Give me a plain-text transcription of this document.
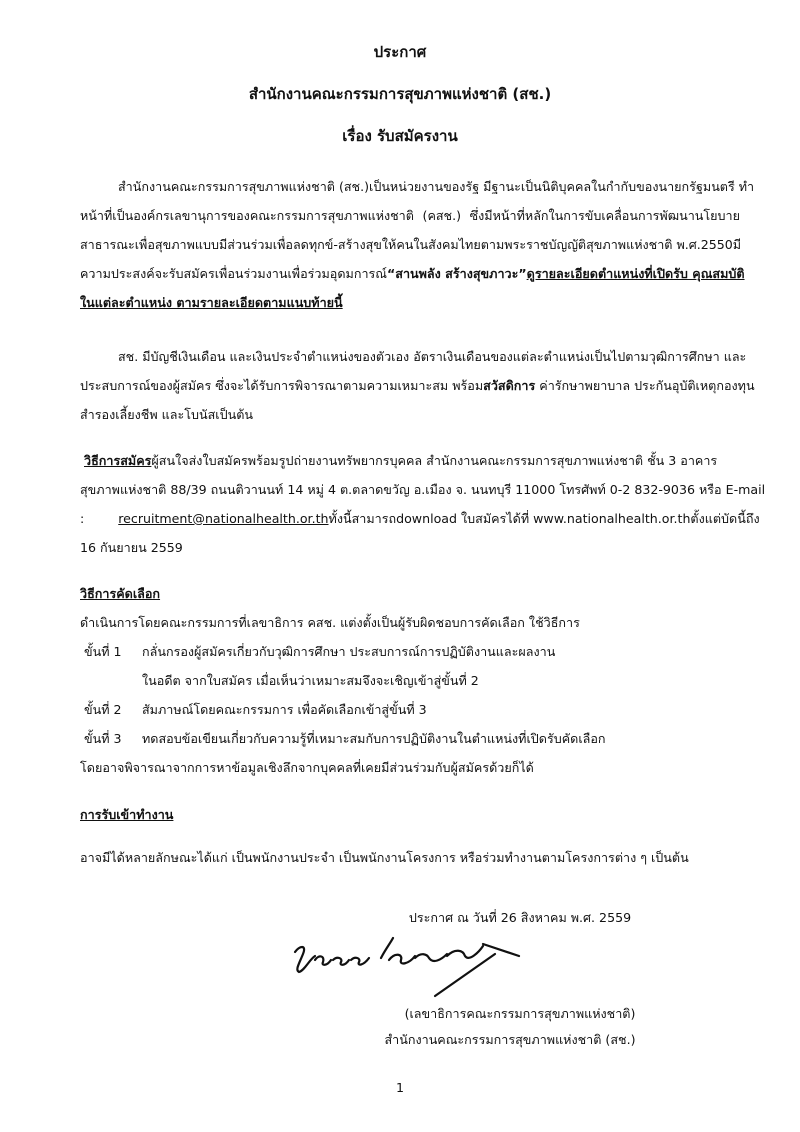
ประกาศ
สำนักงานคณะกรรมการสุขภาพแห่งชาติ (สช.)
เรื่อง รับสมัครงาน
สำนักงานคณะกรรมการสุขภาพแห่งชาติ (สช.)เป็นหน่วยงานของรัฐ มีฐานะเป็นนิติบุคคลในกำกับของนายกรัฐมนตรี ทำ
หน้าที่เป็นองค์กรเลขานุการของคณะกรรมการสุขภาพแห่งชาติ (คสช.) ซึ่งมีหน้าที่หลักในการขับเคลื่อนการพัฒนานโยบาย
สาธารณะเพื่อสุขภาพแบบมีส่วนร่วมเพื่อลดทุกข์-สร้างสุขให้คนในสังคมไทยตามพระราชบัญญัติสุขภาพแห่งชาติ พ.ศ.2550มี
ความประสงค์จะรับสมัครเพื่อนร่วมงานเพื่อร่วมอุดมการณ์“สานพลัง สร้างสุขภาวะ”ดูรายละเอียดตำแหน่งที่เปิดรับ คุณสมบัติ
ในแต่ละตำแหน่ง ตามรายละเอียดตามแนบท้ายนี้
สช. มีบัญชีเงินเดือน และเงินประจำตำแหน่งของตัวเอง อัตราเงินเดือนของแต่ละตำแหน่งเป็นไปตามวุฒิการศึกษา และ
ประสบการณ์ของผู้สมัคร ซึ่งจะได้รับการพิจารณาตามความเหมาะสม พร้อมสวัสดิการ ค่ารักษาพยาบาล ประกันอุบัติเหตุกองทุน
สำรองเลี้ยงชีพ และโบนัสเป็นต้น
วิธีการสมัครผู้สนใจส่งใบสมัครพร้อมรูปถ่ายงานทรัพยากรบุคคล สำนักงานคณะกรรมการสุขภาพแห่งชาติ ชั้น 3 อาคาร
สุขภาพแห่งชาติ 88/39 ถนนติวานนท์ 14 หมู่ 4 ต.ตลาดขวัญ อ.เมือง จ. นนทบุรี 11000 โทรศัพท์ 0-2 832-9036 หรือ E-mail
:	recruitment@nationalhealth.or.thทั้งนี้สามารถdownload ใบสมัครได้ที่ www.nationalhealth.or.thตั้งแต่บัดนี้ถึง
16 กันยายน 2559
วิธีการคัดเลือก
ดำเนินการโดยคณะกรรมการที่เลขาธิการ คสช. แต่งตั้งเป็นผู้รับผิดชอบการคัดเลือก ใช้วิธีการ
ขั้นที่ 1 กลั่นกรองผู้สมัครเกี่ยวกับวุฒิการศึกษา ประสบการณ์การปฏิบัติงานและผลงาน
ในอดีต จากใบสมัคร เมื่อเห็นว่าเหมาะสมจึงจะเชิญเข้าสู่ขั้นที่ 2
ขั้นที่ 2 สัมภาษณ์โดยคณะกรรมการ เพื่อคัดเลือกเข้าสู่ขั้นที่ 3
ขั้นที่ 3 ทดสอบข้อเขียนเกี่ยวกับความรู้ที่เหมาะสมกับการปฏิบัติงานในตำแหน่งที่เปิดรับคัดเลือก
โดยอาจพิจารณาจากการหาข้อมูลเชิงลึกจากบุคคลที่เคยมีส่วนร่วมกับผู้สมัครด้วยก็ได้
การรับเข้าทำงาน
อาจมีได้หลายลักษณะได้แก่ เป็นพนักงานประจำ เป็นพนักงานโครงการ หรือร่วมทำงานตามโครงการต่าง ๆ เป็นต้น
ประกาศ ณ วันที่ 26 สิงหาคม พ.ศ. 2559
(เลขาธิการคณะกรรมการสุขภาพแห่งชาติ)
สำนักงานคณะกรรมการสุขภาพแห่งชาติ (สช.)
1
